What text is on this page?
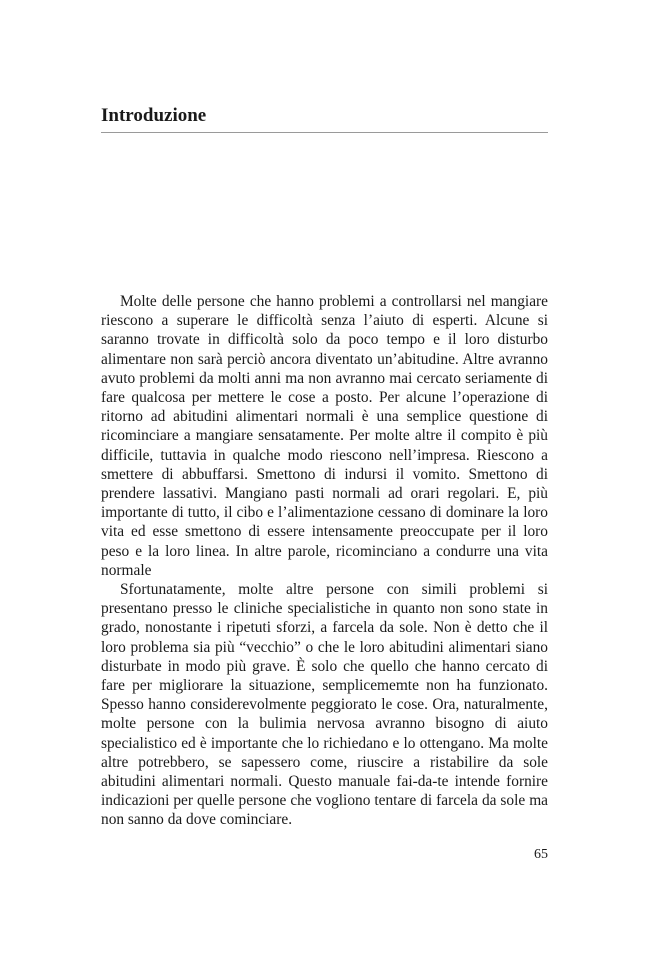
Introduzione

Molte delle persone che hanno problemi a controllarsi nel mangiare riescono a superare le difficoltà senza l’aiuto di esperti. Alcune si saranno trovate in difficoltà solo da poco tempo e il loro disturbo alimentare non sarà perciò ancora diventato un’abitudine. Altre avranno avuto problemi da molti anni ma non avranno mai cercato seriamente di fare qualcosa per mettere le cose a posto. Per alcune l’operazione di ritorno ad abitudini alimentari normali è una semplice questione di ricominciare a mangiare sensatamente. Per molte altre il compito è più difficile, tuttavia in qualche modo riescono nell’impresa. Riescono a smettere di abbuffarsi. Smettono di indursi il vomito. Smettono di prendere lassativi. Mangiano pasti normali ad orari regolari. E, più importante di tutto, il cibo e l’alimentazione cessano di dominare la loro vita ed esse smettono di essere intensamente preoccupate per il loro peso e la loro linea. In altre parole, ricominciano a condurre una vita normale

Sfortunatamente, molte altre persone con simili problemi si presentano presso le cliniche specialistiche in quanto non sono state in grado, nonostante i ripetuti sforzi, a farcela da sole. Non è detto che il loro problema sia più “vecchio” o che le loro abitudini alimentari siano disturbate in modo più grave. È solo che quello che hanno cercato di fare per migliorare la situazione, semplicememte non ha funzionato. Spesso hanno considerevolmente peggiorato le cose. Ora, naturalmente, molte persone con la bulimia nervosa avranno bisogno di aiuto specialistico ed è importante che lo richiedano e lo ottengano. Ma molte altre potrebbero, se sapessero come, riuscire a ristabilire da sole abitudini alimentari normali. Questo manuale fai-da-te intende fornire indicazioni per quelle persone che vogliono tentare di farcela da sole ma non sanno da dove cominciare.

65
